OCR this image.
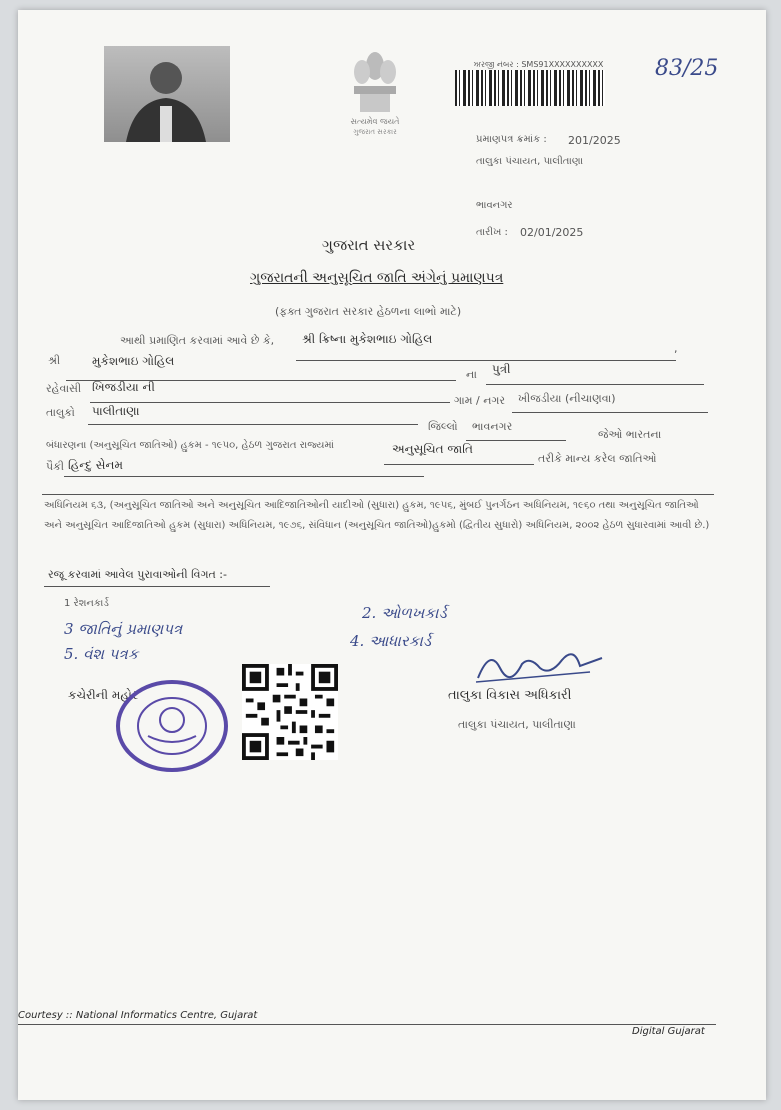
83/25
સત્યમેવ જયતે
ગુજરાત સરકાર
ਅરજી નંબર : SMS91XXXXXXXXXX
પ્રમાણપત્ર ક્રમાંક : 201/2025
તાલુકા પંચાયત, પાલીતાણા
ભાવનગર
તારીખ : 02/01/2025
ગુજરાત સરકાર
ગુજરાતની અનુસૂચિત જાતિ અંગેનું પ્રમાણપત્ર
(ફક્ત ગુજરાત સરકાર હેઠળના લાભો માટે)
આથી પ્રમાણિત કરવામાં આવે છે કે, શ્રી ક્રિષ્ના મુકેશભાઇ ગોહિલ
,
શ્રી	મુકેશભાઇ ગોહિલ
ના પુત્રી
રહેવાસી ખિજડીયા ની
ગામ / નગર ખીજડીયા (નીચાણવા)
તાલુકો પાલીતાણા
જિલ્લો ભાવનગર
જેઓ ભારતના
બંધારણના (અનુસૂચિત જાતિઓ) હુકમ - ૧૯૫૦, હેઠળ ગુજરાત રાજ્યમાં	અનુસૂચિત જાતિ
તરીકે માન્ય કરેલ જાતિઓ
પૈકી હિન્દુ સેનમ
અધિનિયમ ૬૩, (અનુસૂચિત જાતિઓ અને અનુસૂચિત આદિજાતિઓની યાદીઓ (સુધારા) હુકમ, ૧૯૫૬, મુંબઈ પુનર્ગઠન અધિનિયમ, ૧૯૬૦ તથા અનુસૂચિત જાતિઓ અને અનુસૂચિત આદિજાતિઓ હુકમ (સુધારા) અધિનિયમ, ૧૯૭૬, સંવિધાન (અનુસૂચિત જાતિઓ)હુકમો (દ્વિતીય સુધારો) અધિનિયમ, ૨૦૦૨ હેઠળ સુધારવામાં આવી છે.)
રજૂ કરવામાં આવેલ પુરાવાઓની વિગત :-
1 રેશનકાર્ડ
2. ઓળખકાર્ડ
3 જાતિનું પ્રમાણપત્ર
4. આધારકાર્ડ
5. વંશ પત્રક
તાલુકા વિકાસ અધિકારી
તાલુકા પંચાયત, પાલીતાણા
કચેરીની મહોર
Courtesy :: National Informatics Centre, Gujarat
Digital Gujarat
